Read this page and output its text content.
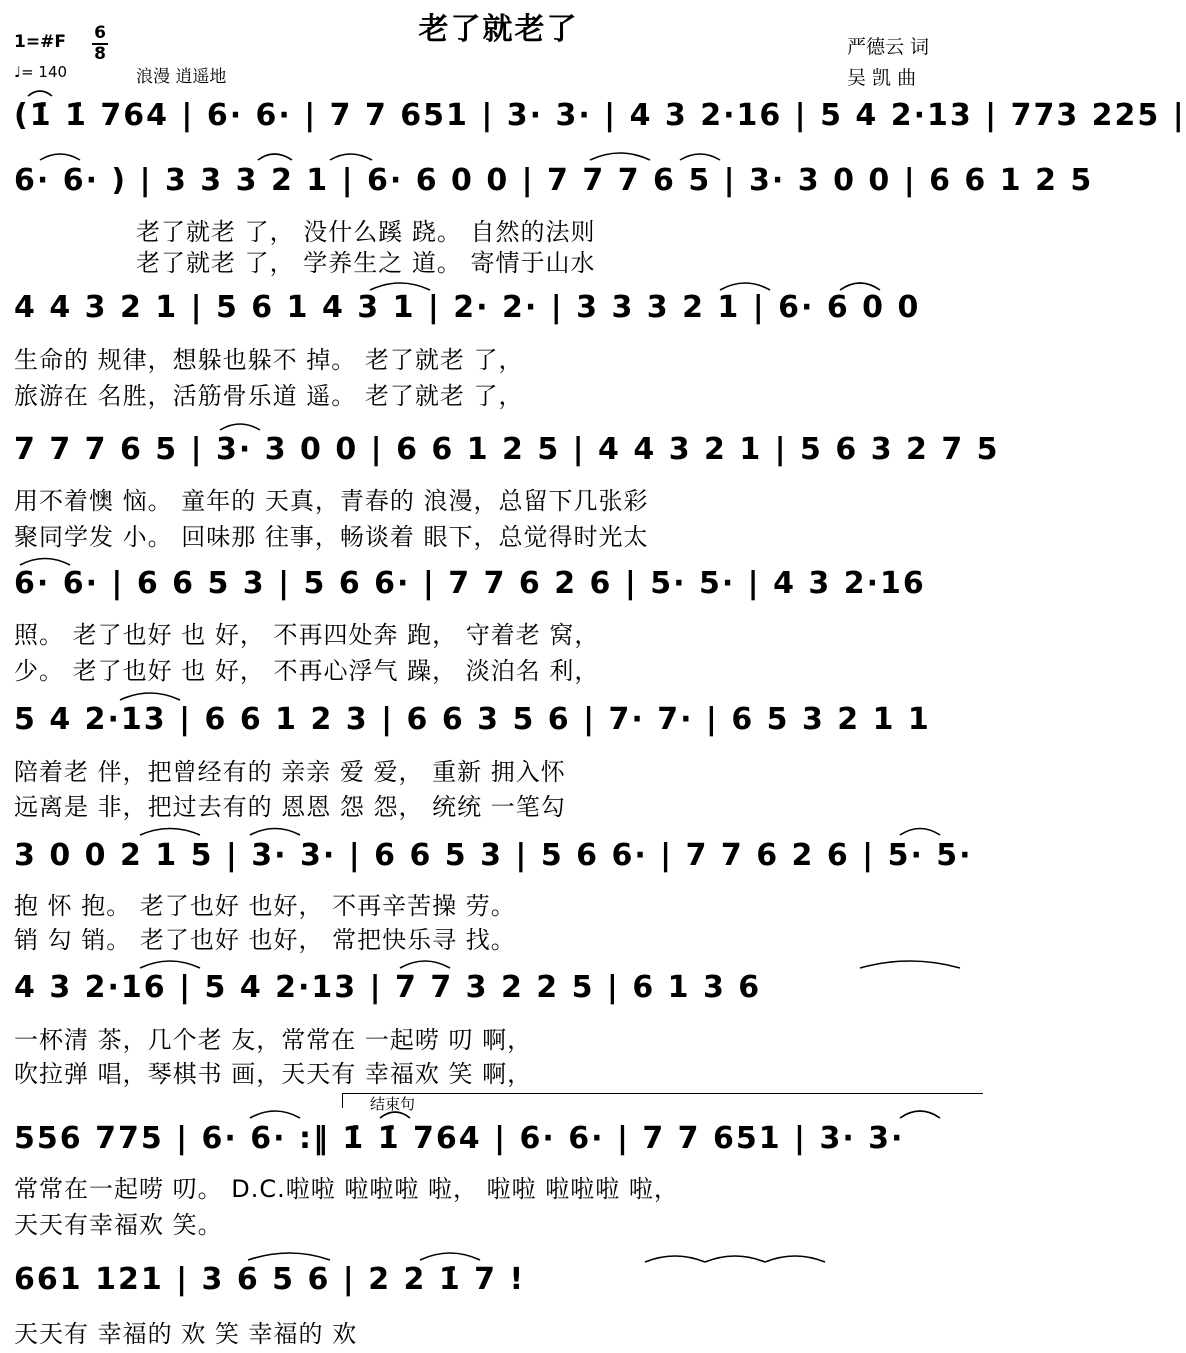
老了就老了
1=#F 6
8
♩= 140	浪漫 逍遥地
严德云 词
吴 凯 曲
(1̇ 1̇ 764 | 6· 6· | 7 7 651 | 3· 3· | 4 3 2·16 | 5 4 2·13 | 773 225 |
6· 6· ) | 3 3 3 2 1 | 6· 6 0 0 | 7 7 7 6 5 | 3· 3 0 0 | 6 6 1 2 5
老了就老 了， 没什么蹊 跷。 自然的法则
老了就老 了， 学养生之 道。 寄情于山水
4 4 3 2 1 | 5 6 1 4 3 1 | 2· 2· | 3 3 3 2 1 | 6· 6 0 0
生命的 规律，想躲也躲不 掉。 老了就老 了，
旅游在 名胜，活筋骨乐道 遥。 老了就老 了，
7 7 7 6 5 | 3· 3 0 0 | 6 6 1 2 5 | 4 4 3 2 1 | 5 6 3 2 7 5
用不着懊 恼。 童年的 天真，青春的 浪漫，总留下几张彩
聚同学发 小。 回味那 往事，畅谈着 眼下，总觉得时光太
6· 6· | 6 6 5 3 | 5 6 6· | 7 7 6 2 6 | 5· 5· | 4 3 2·16
照。 老了也好 也 好， 不再四处奔 跑， 守着老 窝，
少。 老了也好 也 好， 不再心浮气 躁， 淡泊名 利，
5 4 2·13 | 6 6 1 2 3 | 6 6 3 5 6 | 7· 7· | 6 5 3 2 1 1
陪着老 伴，把曾经有的 亲亲 爱 爱， 重新 拥入怀
远离是 非，把过去有的 恩恩 怨 怨， 统统 一笔勾
3 0 0 2 1 5 | 3· 3· | 6 6 5 3 | 5 6 6· | 7 7 6 2 6 | 5· 5·
抱 怀 抱。 老了也好 也好， 不再辛苦操 劳。
销 勾 销。 老了也好 也好， 常把快乐寻 找。
4 3 2·16 | 5 4 2·13 | 7 7 3 2 2 5 | 6 1 3 6
一杯清 茶，几个老 友，常常在 一起唠 叨 啊，
吹拉弹 唱，琴棋书 画，天天有 幸福欢 笑 啊，
结束句
556 775 | 6· 6· :‖ 1̇ 1̇ 764 | 6· 6· | 7 7 651 | 3· 3·
常常在一起唠 叨。 D.C.啦啦 啦啦啦 啦， 啦啦 啦啦啦 啦，
天天有幸福欢 笑。
661 121 | 3 6 5 6 | 2 2 1̇ 7 !
天天有 幸福的 欢 笑 幸福的 欢
